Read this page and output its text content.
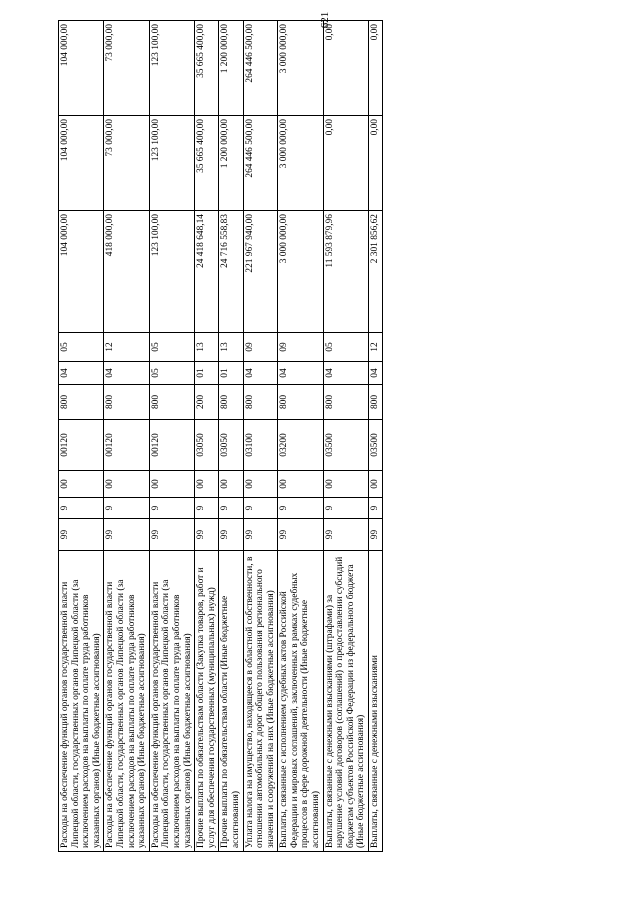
621
Расходы на обеспечение функций органов государственной власти Липецкой области, государственных органов Липецкой области (за исключением расходов на выплаты по оплате труда работников указанных органов) (Иные бюджетные ассигнования)	99	9	00	00120	800	04	05	104 000,00	104 000,00	104 000,00
Расходы на обеспечение функций органов государственной власти Липецкой области, государственных органов Липецкой области (за исключением расходов на выплаты по оплате труда работников указанных органов) (Иные бюджетные ассигнования)	99	9	00	00120	800	04	12	418 000,00	73 000,00	73 000,00
Расходы на обеспечение функций органов государственной власти Липецкой области, государственных органов Липецкой области (за исключением расходов на выплаты по оплате труда работников указанных органов) (Иные бюджетные ассигнования)	99	9	00	00120	800	05	05	123 100,00	123 100,00	123 100,00
Прочие выплаты по обязательствам области (Закупка товаров, работ и услуг для обеспечения государственных (муниципальных) нужд)	99	9	00	03050	200	01	13	24 418 648,14	35 665 400,00	35 665 400,00
Прочие выплаты по обязательствам области (Иные бюджетные ассигнования)	99	9	00	03050	800	01	13	24 716 558,83	1 200 000,00	1 200 000,00
Уплата налога на имущество, находящееся в областной собственности, в отношении автомобильных дорог общего пользования регионального значения и сооружений на них (Иные бюджетные ассигнования)	99	9	00	03100	800	04	09	221 967 940,00	264 446 500,00	264 446 500,00
Выплаты, связанные с исполнением судебных актов Российской Федерации и мировых соглашений, заключенных в рамках судебных процессов в сфере дорожной деятельности (Иные бюджетные ассигнования)	99	9	00	03200	800	04	09	3 000 000,00	3 000 000,00	3 000 000,00
Выплаты, связанные с денежными взысканиями (штрафами) за нарушение условий договоров (соглашений) о предоставлении субсидий бюджетам субъектов Российской Федерации из федерального бюджета (Иные бюджетные ассигнования)	99	9	00	03500	800	04	05	11 593 879,96	0,00	0,00
Выплаты, связанные с денежными взысканиями	99	9	00	03500	800	04	12	2 301 856,62	0,00	0,00
